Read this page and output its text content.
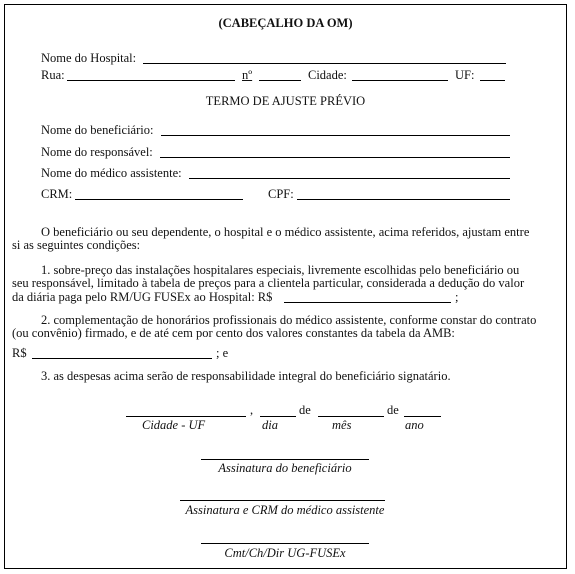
(CABEÇALHO DA OM)
Nome do Hospital:
Rua:	nº	Cidade:	UF:
TERMO DE AJUSTE PRÉVIO
Nome do beneficiário:
Nome do responsável:
Nome do médico assistente:
CRM:	CPF:
O beneficiário ou seu dependente, o hospital e o médico assistente, acima referidos, ajustam entre
si as seguintes condições:
1. sobre-preço das instalações hospitalares especiais, livremente escolhidas pelo beneficiário ou
seu responsável, limitado à tabela de preços para a clientela particular, considerada a dedução do valor
da diária paga pelo RM/UG FUSEx ao Hospital: R$	;
2. complementação de honorários profissionais do médico assistente, conforme constar do contrato
(ou convênio) firmado, e de até cem por cento dos valores constantes da tabela da AMB:
R$	; e
3. as despesas acima serão de responsabilidade integral do beneficiário signatário.
,	de	de
Cidade - UF	dia	mês	ano
Assinatura do beneficiário
Assinatura e CRM do médico assistente
Cmt/Ch/Dir UG-FUSEx
